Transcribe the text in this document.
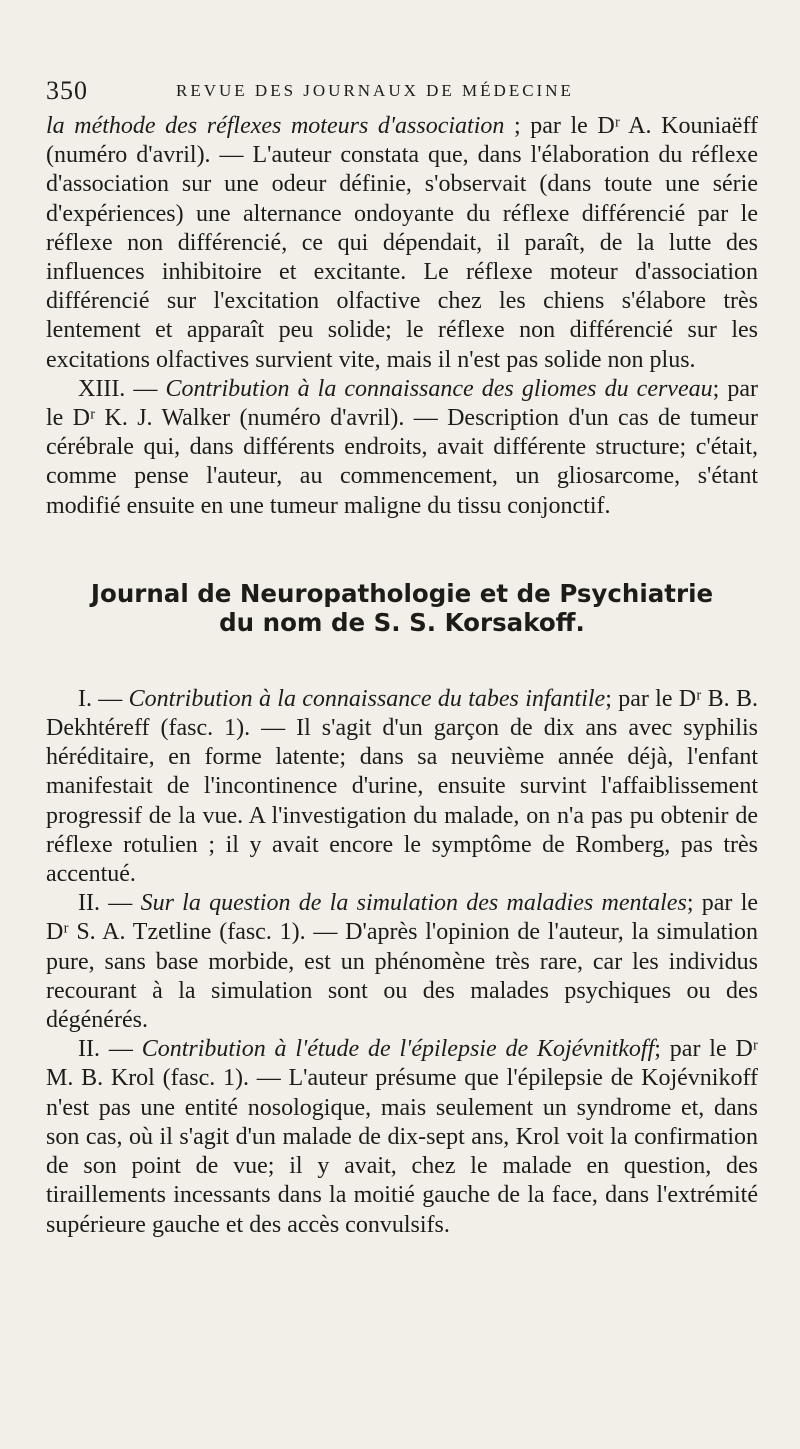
350	REVUE DES JOURNAUX DE MÉDECINE

la méthode des réflexes moteurs d'association ; par le Dʳ A. Kouniaëff (numéro d'avril). — L'auteur constata que, dans l'élaboration du réflexe d'association sur une odeur définie, s'observait (dans toute une série d'expériences) une alternance ondoyante du réflexe différencié par le réflexe non différencié, ce qui dépendait, il paraît, de la lutte des influences inhibitoire et excitante. Le réflexe moteur d'association différencié sur l'excitation olfactive chez les chiens s'élabore très lentement et apparaît peu solide; le réflexe non différencié sur les excitations olfactives survient vite, mais il n'est pas solide non plus.

XIII. — Contribution à la connaissance des gliomes du cerveau; par le Dʳ K. J. Walker (numéro d'avril). — Description d'un cas de tumeur cérébrale qui, dans différents endroits, avait différente structure; c'était, comme pense l'auteur, au commencement, un gliosarcome, s'étant modifié ensuite en une tumeur maligne du tissu conjonctif.

Journal de Neuropathologie et de Psychiatrie
du nom de S. S. Korsakoff.

I. — Contribution à la connaissance du tabes infantile; par le Dʳ B. B. Dekhtéreff (fasc. 1). — Il s'agit d'un garçon de dix ans avec syphilis héréditaire, en forme latente; dans sa neuvième année déjà, l'enfant manifestait de l'incontinence d'urine, ensuite survint l'affaiblissement progressif de la vue. A l'investigation du malade, on n'a pas pu obtenir de réflexe rotulien ; il y avait encore le symptôme de Romberg, pas très accentué.

II. — Sur la question de la simulation des maladies mentales; par le Dʳ S. A. Tzetline (fasc. 1). — D'après l'opinion de l'auteur, la simulation pure, sans base morbide, est un phénomène très rare, car les individus recourant à la simulation sont ou des malades psychiques ou des dégénérés.

II. — Contribution à l'étude de l'épilepsie de Kojévnitkoff; par le Dʳ M. B. Krol (fasc. 1). — L'auteur présume que l'épilepsie de Kojévnikoff n'est pas une entité nosologique, mais seulement un syndrome et, dans son cas, où il s'agit d'un malade de dix-sept ans, Krol voit la confirmation de son point de vue; il y avait, chez le malade en question, des tiraillements incessants dans la moitié gauche de la face, dans l'extrémité supérieure gauche et des accès convulsifs.
